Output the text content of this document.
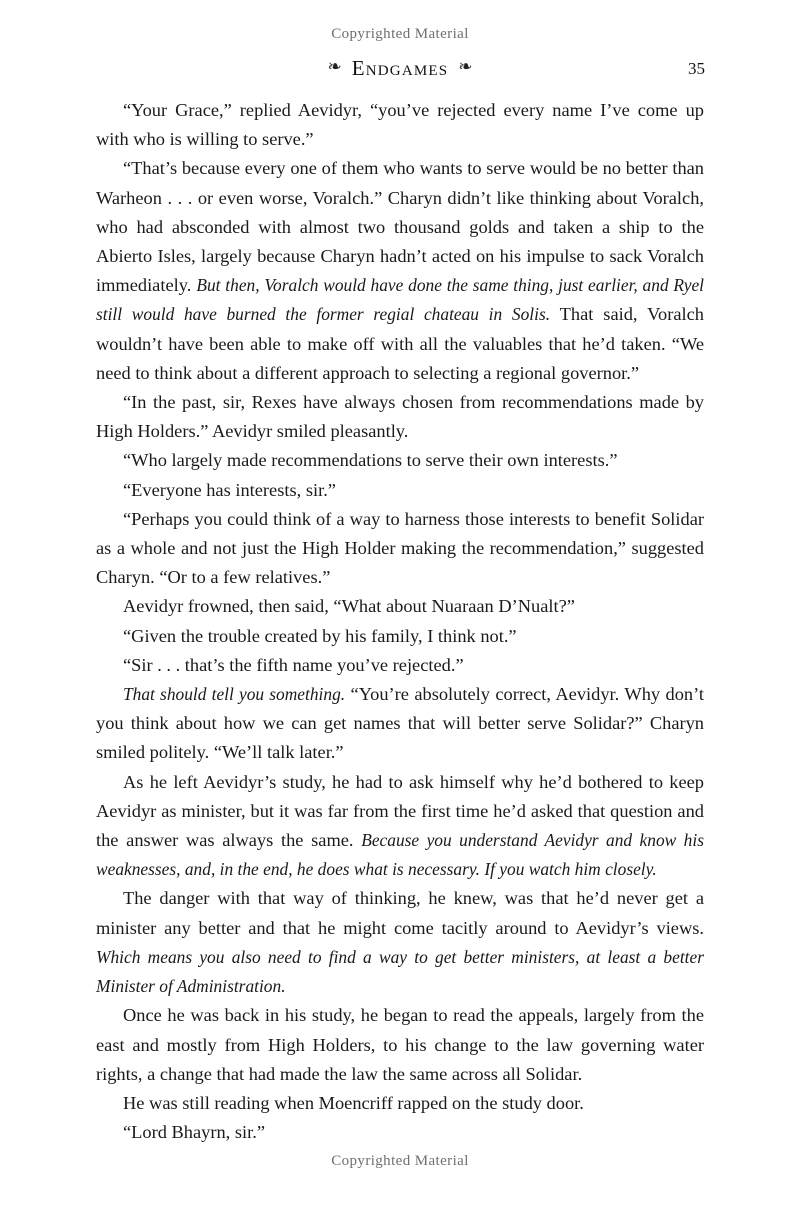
Copyrighted Material
❧ Endgames ❧	35

“Your Grace,” replied Aevidyr, “you’ve rejected every name I’ve come up with who is willing to serve.”

“That’s because every one of them who wants to serve would be no better than Warheon . . . or even worse, Voralch.” Charyn didn’t like thinking about Voralch, who had absconded with almost two thousand golds and taken a ship to the Abierto Isles, largely because Charyn hadn’t acted on his impulse to sack Voralch immediately. But then, Voralch would have done the same thing, just earlier, and Ryel still would have burned the former regial chateau in Solis. That said, Voralch wouldn’t have been able to make off with all the valuables that he’d taken. “We need to think about a different approach to selecting a regional governor.”

“In the past, sir, Rexes have always chosen from recommendations made by High Holders.” Aevidyr smiled pleasantly.

“Who largely made recommendations to serve their own interests.”

“Everyone has interests, sir.”

“Perhaps you could think of a way to harness those interests to benefit Solidar as a whole and not just the High Holder making the recommendation,” suggested Charyn. “Or to a few relatives.”

Aevidyr frowned, then said, “What about Nuaraan D’Nualt?”

“Given the trouble created by his family, I think not.”

“Sir . . . that’s the fifth name you’ve rejected.”

That should tell you something. “You’re absolutely correct, Aevidyr. Why don’t you think about how we can get names that will better serve Solidar?” Charyn smiled politely. “We’ll talk later.”

As he left Aevidyr’s study, he had to ask himself why he’d bothered to keep Aevidyr as minister, but it was far from the first time he’d asked that question and the answer was always the same. Because you understand Aevidyr and know his weaknesses, and, in the end, he does what is necessary. If you watch him closely.

The danger with that way of thinking, he knew, was that he’d never get a minister any better and that he might come tacitly around to Aevidyr’s views. Which means you also need to find a way to get better ministers, at least a better Minister of Administration.

Once he was back in his study, he began to read the appeals, largely from the east and mostly from High Holders, to his change to the law governing water rights, a change that had made the law the same across all Solidar.

He was still reading when Moencriff rapped on the study door.

“Lord Bhayrn, sir.”

Copyrighted Material
